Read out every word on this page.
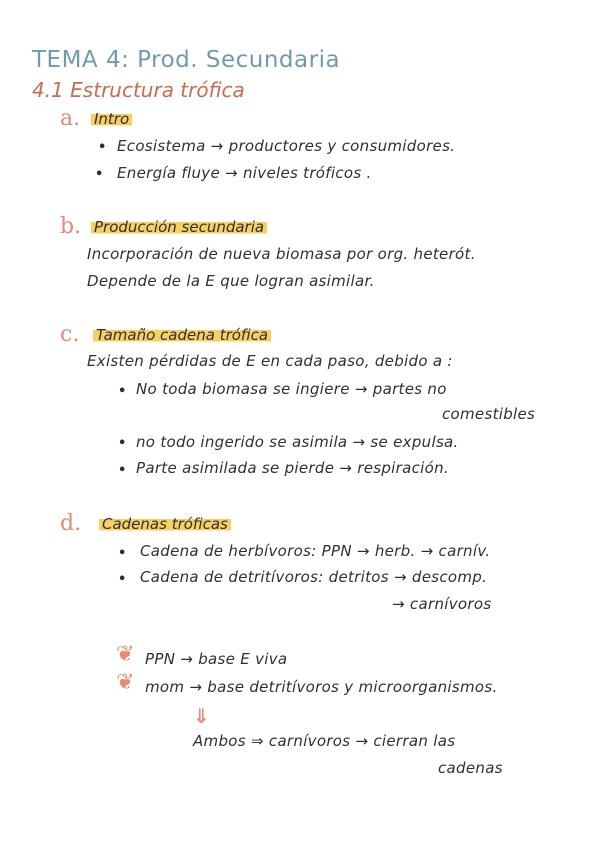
TEMA 4: Prod. Secundaria
4.1 Estructura trófica
a. Intro
• Ecosistema → productores y consumidores.
• Energía fluye → niveles tróficos .
b. Producción secundaria
Incorporación de nueva biomasa por org. heterót.
Depende de la E que logran asimilar.
c. Tamaño cadena trófica
Existen pérdidas de E en cada paso, debido a :
• No toda biomasa se ingiere → partes no
comestibles
• no todo ingerido se asimila → se expulsa.
• Parte asimilada se pierde → respiración.
d. Cadenas tróficas
• Cadena de herbívoros: PPN → herb. → carnív.
• Cadena de detritívoros: detritos → descomp.
→ carnívoros
❦ PPN → base E viva
❦ mom → base detritívoros y microorganismos.
⇓
Ambos ⇒ carnívoros → cierran las
cadenas
